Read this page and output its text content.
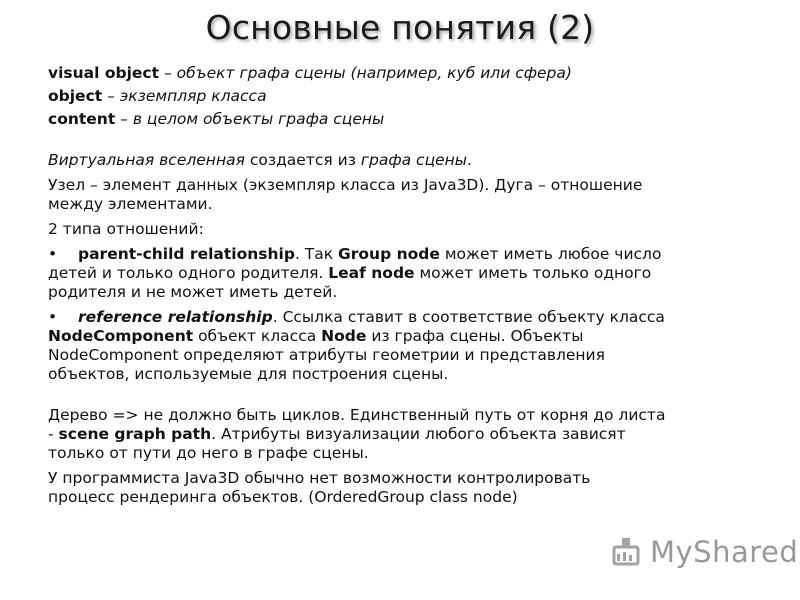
Основные понятия (2)
visual object – объект графа сцены (например, куб или сфера)
object – экземпляр класса
content – в целом объекты графа сцены
Виртуальная вселенная создается из графа сцены.
Узел – элемент данных (экземпляр класса из Java3D). Дуга – отношение
между элементами.
2 типа отношений:
•	parent-child relationship. Так Group node может иметь любое число
детей и только одного родителя. Leaf node может иметь только одного
родителя и не может иметь детей.
•	reference relationship. Ссылка ставит в соответствие объекту класса
NodeComponent объект класса Node из графа сцены. Объекты
NodeComponent определяют атрибуты геометрии и представления
объектов, используемые для построения сцены.
Дерево => не должно быть циклов. Единственный путь от корня до листа
- scene graph path. Атрибуты визуализации любого объекта зависят
только от пути до него в графе сцены.
У программиста Java3D обычно нет возможности контролировать
процесс рендеринга объектов. (OrderedGroup class node)
MyShared
